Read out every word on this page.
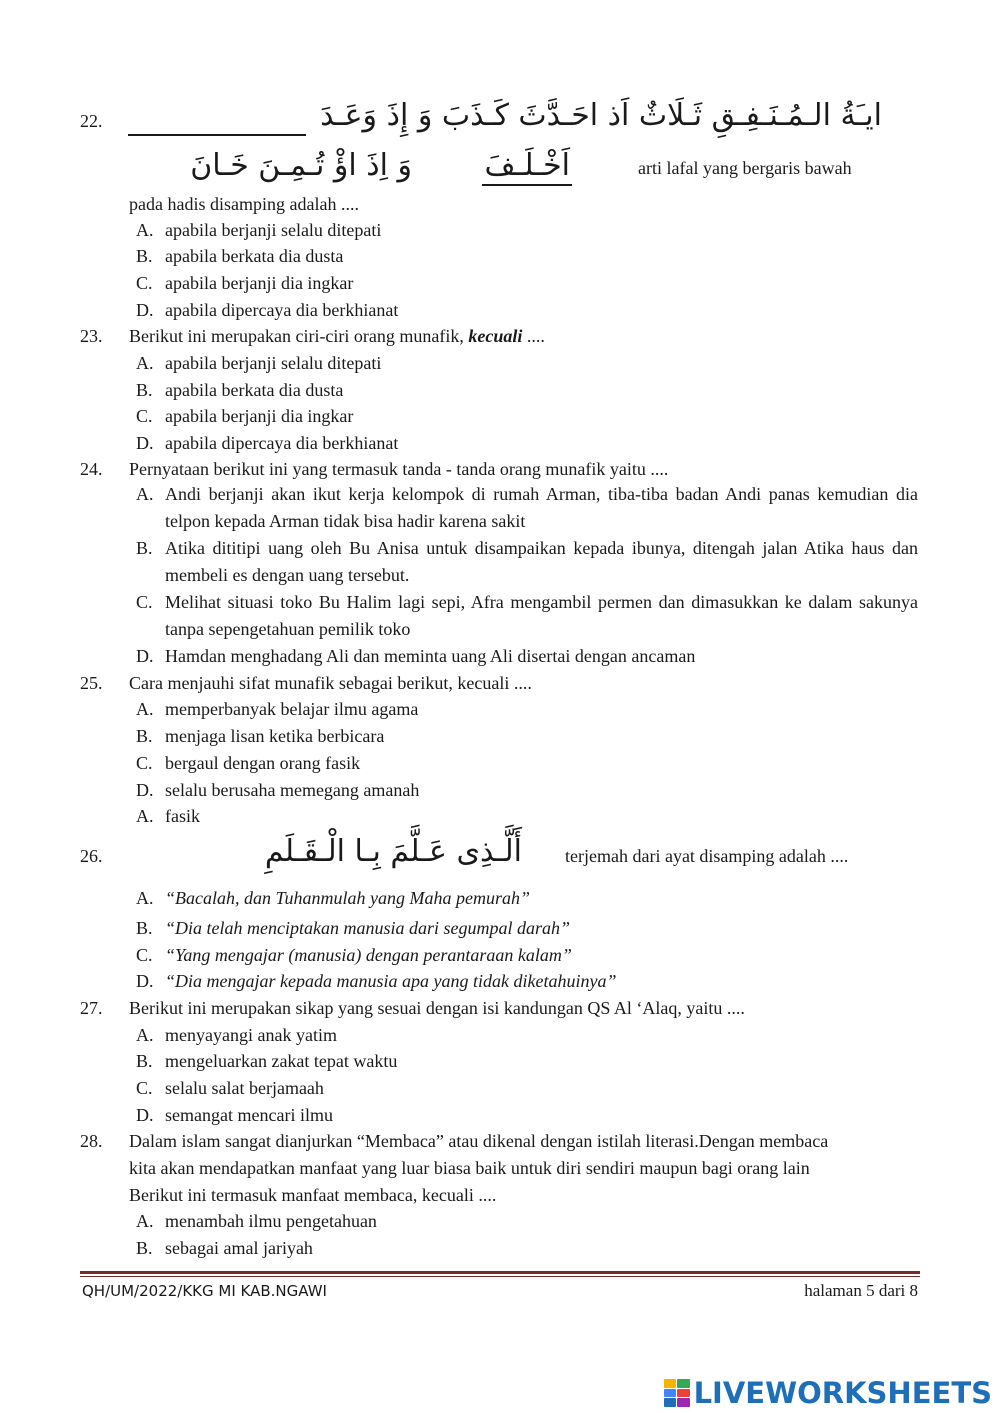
22.	ايـَةُ الـمُـنَـفِـقِ ثَـلَاثٌ اَذ احَـدَّثَ كَـذَبَ وَ إِذَ وَعَـدَ
اَخْـلَـفَ
وَ اِذَ اؤْ تُـمِـنَ خَـانَ	arti lafal yang bergaris bawah
pada hadis disamping adalah ....
A. apabila berjanji selalu ditepati
B. apabila berkata dia dusta
C. apabila berjanji dia ingkar
D. apabila dipercaya dia berkhianat
23. Berikut ini merupakan ciri-ciri orang munafik, kecuali ....
A. apabila berjanji selalu ditepati
B. apabila berkata dia dusta
C. apabila berjanji dia ingkar
D. apabila dipercaya dia berkhianat
24. Pernyataan berikut ini yang termasuk tanda - tanda orang munafik yaitu ....
A. Andi berjanji akan ikut kerja kelompok di rumah Arman, tiba-tiba badan Andi panas kemudian dia telpon kepada Arman tidak bisa hadir karena sakit
B. Atika dititipi uang oleh Bu Anisa untuk disampaikan kepada ibunya, ditengah jalan Atika haus dan membeli es dengan uang tersebut.
C. Melihat situasi toko Bu Halim lagi sepi, Afra mengambil permen dan dimasukkan ke dalam sakunya tanpa sepengetahuan pemilik toko
D. Hamdan menghadang Ali dan meminta uang Ali disertai dengan ancaman
25. Cara menjauhi sifat munafik sebagai berikut, kecuali ....
A. memperbanyak belajar ilmu agama
B. menjaga lisan ketika berbicara
C. bergaul dengan orang fasik
D. selalu berusaha memegang amanah
A. fasik
26.	أَلَّـذِى عَـلَّمَ بِـا الْـقَـلَمِ terjemah dari ayat disamping adalah ....
A. “Bacalah, dan Tuhanmulah yang Maha pemurah”
B. “Dia telah menciptakan manusia dari segumpal darah”
C. “Yang mengajar (manusia) dengan perantaraan kalam”
D. “Dia mengajar kepada manusia apa yang tidak diketahuinya”
27. Berikut ini merupakan sikap yang sesuai dengan isi kandungan QS Al ‘Alaq, yaitu ....
A. menyayangi anak yatim
B. mengeluarkan zakat tepat waktu
C. selalu salat berjamaah
D. semangat mencari ilmu
28. Dalam islam sangat dianjurkan “Membaca” atau dikenal dengan istilah literasi.Dengan membaca
kita akan mendapatkan manfaat yang luar biasa baik untuk diri sendiri maupun bagi orang lain
Berikut ini termasuk manfaat membaca, kecuali ....
A. menambah ilmu pengetahuan
B. sebagai amal jariyah
QH/UM/2022/KKG MI KAB.NGAWI	halaman 5 dari 8
LIVEWORKSHEETS
